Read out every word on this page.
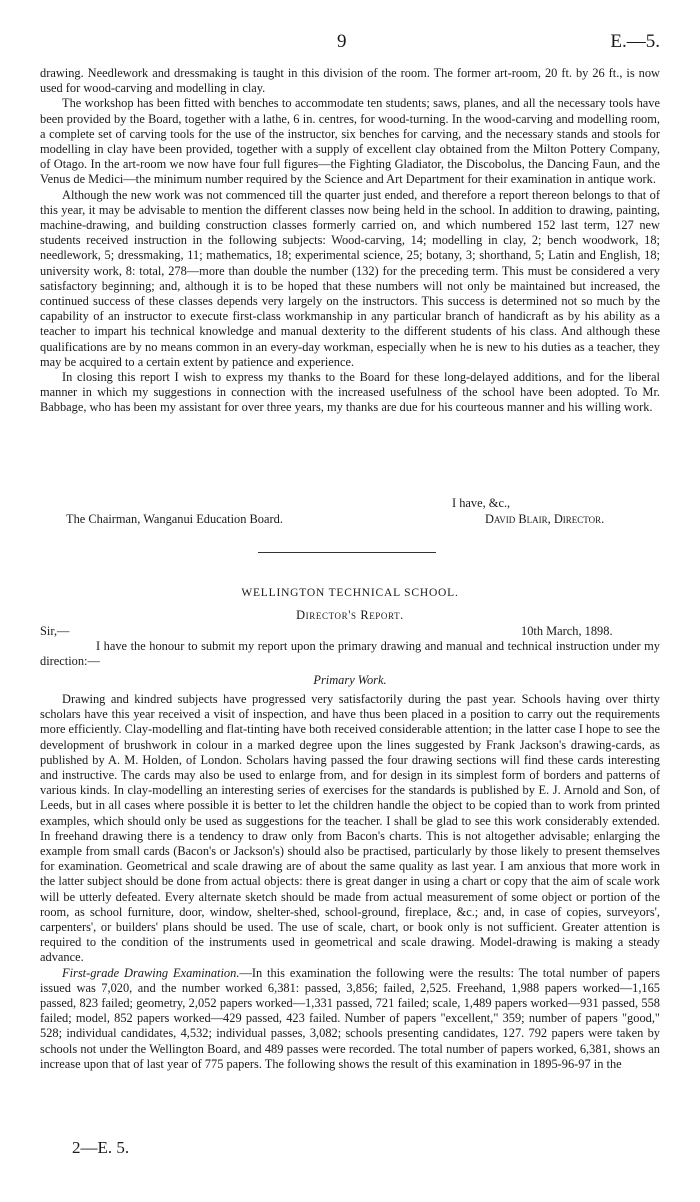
9	E.—5.

drawing. Needlework and dressmaking is taught in this division of the room. The former art-room, 20 ft. by 26 ft., is now used for wood-carving and modelling in clay.

The workshop has been fitted with benches to accommodate ten students; saws, planes, and all the necessary tools have been provided by the Board, together with a lathe, 6 in. centres, for wood-turning. In the wood-carving and modelling room, a complete set of carving tools for the use of the instructor, six benches for carving, and the necessary stands and stools for modelling in clay have been provided, together with a supply of excellent clay obtained from the Milton Pottery Company, of Otago. In the art-room we now have four full figures—the Fighting Gladiator, the Discobolus, the Dancing Faun, and the Venus de Medici—the minimum number required by the Science and Art Department for their examination in antique work.

Although the new work was not commenced till the quarter just ended, and therefore a report thereon belongs to that of this year, it may be advisable to mention the different classes now being held in the school. In addition to drawing, painting, machine-drawing, and building construction classes formerly carried on, and which numbered 152 last term, 127 new students received instruction in the following subjects: Wood-carving, 14; modelling in clay, 2; bench woodwork, 18; needlework, 5; dressmaking, 11; mathematics, 18; experimental science, 25; botany, 3; shorthand, 5; Latin and English, 18; university work, 8: total, 278—more than double the number (132) for the preceding term. This must be considered a very satisfactory beginning; and, although it is to be hoped that these numbers will not only be maintained but increased, the continued success of these classes depends very largely on the instructors. This success is determined not so much by the capability of an instructor to execute first-class workmanship in any particular branch of handicraft as by his ability as a teacher to impart his technical knowledge and manual dexterity to the different students of his class. And although these qualifications are by no means common in an every-day workman, especially when he is new to his duties as a teacher, they may be acquired to a certain extent by patience and experience.

In closing this report I wish to express my thanks to the Board for these long-delayed additions, and for the liberal manner in which my suggestions in connection with the increased usefulness of the school have been adopted. To Mr. Babbage, who has been my assistant for over three years, my thanks are due for his courteous manner and his willing work.

I have, &c.,
The Chairman, Wanganui Education Board.	David Blair, Director.
WELLINGTON TECHNICAL SCHOOL.
Director's Report.
Sir,—	10th March, 1898.

I have the honour to submit my report upon the primary drawing and manual and technical instruction under my direction:—

Primary Work.

Drawing and kindred subjects have progressed very satisfactorily during the past year. Schools having over thirty scholars have this year received a visit of inspection, and have thus been placed in a position to carry out the requirements more efficiently. Clay-modelling and flat-tinting have both received considerable attention; in the latter case I hope to see the development of brushwork in colour in a marked degree upon the lines suggested by Frank Jackson's drawing-cards, as published by A. M. Holden, of London. Scholars having passed the four drawing sections will find these cards interesting and instructive. The cards may also be used to enlarge from, and for design in its simplest form of borders and patterns of various kinds. In clay-modelling an interesting series of exercises for the standards is published by E. J. Arnold and Son, of Leeds, but in all cases where possible it is better to let the children handle the object to be copied than to work from printed examples, which should only be used as suggestions for the teacher. I shall be glad to see this work considerably extended. In freehand drawing there is a tendency to draw only from Bacon's charts. This is not altogether advisable; enlarging the example from small cards (Bacon's or Jackson's) should also be practised, particularly by those likely to present themselves for examination. Geometrical and scale drawing are of about the same quality as last year. I am anxious that more work in the latter subject should be done from actual objects: there is great danger in using a chart or copy that the aim of scale work will be utterly defeated. Every alternate sketch should be made from actual measurement of some object or portion of the room, as school furniture, door, window, shelter-shed, school-ground, fireplace, &c.; and, in case of copies, surveyors', carpenters', or builders' plans should be used. The use of scale, chart, or book only is not sufficient. Greater attention is required to the condition of the instruments used in geometrical and scale drawing. Model-drawing is making a steady advance.

First-grade Drawing Examination.—In this examination the following were the results: The total number of papers issued was 7,020, and the number worked 6,381: passed, 3,856; failed, 2,525. Freehand, 1,988 papers worked—1,165 passed, 823 failed; geometry, 2,052 papers worked—1,331 passed, 721 failed; scale, 1,489 papers worked—931 passed, 558 failed; model, 852 papers worked—429 passed, 423 failed. Number of papers "excellent," 359; number of papers "good," 528; individual candidates, 4,532; individual passes, 3,082; schools presenting candidates, 127. 792 papers were taken by schools not under the Wellington Board, and 489 passes were recorded. The total number of papers worked, 6,381, shows an increase upon that of last year of 775 papers. The following shows the result of this examination in 1895-96-97 in the

2—E. 5.
